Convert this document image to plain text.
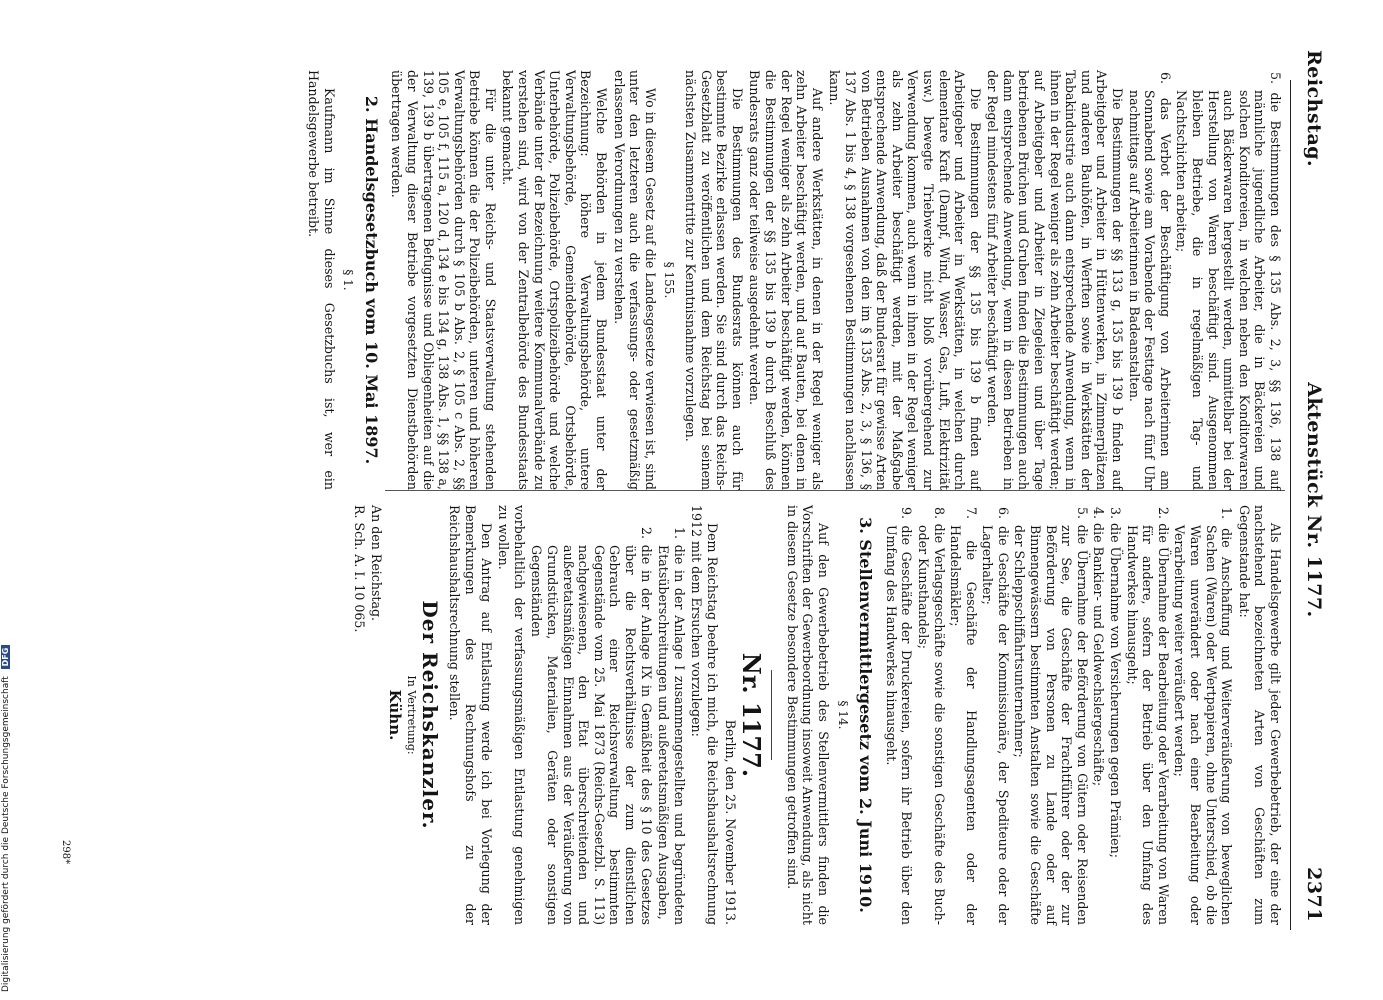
Reichstag.
Aktenstück Nr. 1177.
2371

5. die Bestimmungen des § 135 Abs. 2, 3, §§ 136, 138 auf männliche jugendliche Arbeiter, die in Bäckereien und solchen Konditoreien, in welchen neben den Konditorwaren auch Bäckerwaren hergestellt werden, unmittelbar bei der Herstellung von Waren beschäftigt sind. Ausgenommen bleiben Betriebe, die in regelmäßigen Tag- und Nachtschichten arbeiten;

6. das Verbot der Beschäftigung von Arbeiterinnen am Sonnabend sowie am Vorabende der Festtage nach fünf Uhr nachmittags auf Arbeiterinnen in Badeanstalten.

Die Bestimmungen der §§ 133 g, 135 bis 139 b finden auf Arbeitgeber und Arbeiter in Hüttenwerken, in Zimmerplätzen und anderen Bauhöfen, in Werften sowie in Werkstätten der Tabakindustrie auch dann entsprechende Anwendung, wenn in ihnen in der Regel weniger als zehn Arbeiter beschäftigt werden; auf Arbeitgeber und Arbeiter in Ziegeleien und über Tage betriebenen Brüchen und Gruben finden die Bestimmungen auch dann entsprechende Anwendung, wenn in diesen Betrieben in der Regel mindestens fünf Arbeiter beschäftigt werden.

Die Bestimmungen der §§ 135 bis 139 b finden auf Arbeitgeber und Arbeiter in Werkstätten, in welchen durch elementare Kraft (Dampf, Wind, Wasser, Gas, Luft, Elektrizität usw.) bewegte Triebwerke nicht bloß vorübergehend zur Verwendung kommen, auch wenn in ihnen in der Regel weniger als zehn Arbeiter beschäftigt werden, mit der Maßgabe entsprechende Anwendung, daß der Bundesrat für gewisse Arten von Betrieben Ausnahmen von den im § 135 Abs. 2, 3, § 136, § 137 Abs. 1 bis 4, § 138 vorgesehenen Bestimmungen nachlassen kann.

Auf andere Werkstätten, in denen in der Regel weniger als zehn Arbeiter beschäftigt werden, und auf Bauten, bei denen in der Regel weniger als zehn Arbeiter beschäftigt werden, können die Bestimmungen der §§ 135 bis 139 b durch Beschluß des Bundesrats ganz oder teilweise ausgedehnt werden.

Die Bestimmungen des Bundesrats können auch für bestimmte Bezirke erlassen werden. Sie sind durch das Reichs-Gesetzblatt zu veröffentlichen und dem Reichstag bei seinem nächsten Zusammentritte zur Kenntnisnahme vorzulegen.

§ 155.

Wo in diesem Gesetz auf die Landesgesetze verwiesen ist, sind unter den letzteren auch die verfassungs- oder gesetzmäßig erlassenen Verordnungen zu verstehen.

Welche Behörden in jedem Bundesstaat unter der Bezeichnung: höhere Verwaltungsbehörde, untere Verwaltungsbehörde, Gemeindebehörde, Ortsbehörde, Unterbehörde, Polizeibehörde, Ortspolizeibehörde und welche Verbände unter der Bezeichnung weitere Kommunalverbände zu verstehen sind, wird von der Zentralbehörde des Bundesstaats bekannt gemacht.

Für die unter Reichs- und Staatsverwaltung stehenden Betriebe können die der Polizeibehörden, unteren und höheren Verwaltungsbehörden durch § 105 b Abs. 2, § 105 c Abs. 2, §§ 105 e, 105 f, 115 a, 120 d, 134 e bis 134 g, 138 Abs. 1, §§ 138 a, 139, 139 b übertragenen Befugnisse und Obliegenheiten auf die der Verwaltung dieser Betriebe vorgesetzten Dienstbehörden übertragen werden.

2. Handelsgesetzbuch vom 10. Mai 1897.

§ 1.

Kaufmann im Sinne dieses Gesetzbuchs ist, wer ein Handelsgewerbe betreibt.

Als Handelsgewerbe gilt jeder Gewerbebetrieb, der eine der nachstehend bezeichneten Arten von Geschäften zum Gegenstande hat:

1. die Anschaffung und Weiterveräußerung von beweglichen Sachen (Waren) oder Wertpapieren, ohne Unterschied, ob die Waren unverändert oder nach einer Bearbeitung oder Verarbeitung weiter veräußert werden;

2. die Übernahme der Bearbeitung oder Verarbeitung von Waren für andere, sofern der Betrieb über den Umfang des Handwerkes hinausgeht;

3. die Übernahme von Versicherungen gegen Prämien;

4. die Bankier- und Geldwechslergeschäfte;

5. die Übernahme der Beförderung von Gütern oder Reisenden zur See, die Geschäfte der Frachtführer oder der zur Beförderung von Personen zu Lande oder auf Binnengewässern bestimmten Anstalten sowie die Geschäfte der Schleppschiffahrtsunternehmer;

6. die Geschäfte der Kommissionäre, der Spediteure oder der Lagerhalter;

7. die Geschäfte der Handlungsagenten oder der Handelsmäkler;

8. die Verlagsgeschäfte sowie die sonstigen Geschäfte des Buch- oder Kunsthandels;

9. die Geschäfte der Druckereien, sofern ihr Betrieb über den Umfang des Handwerkes hinausgeht.

3. Stellenvermittlergesetz vom 2. Juni 1910.

§ 14.

Auf den Gewerbebetrieb des Stellenvermittlers finden die Vorschriften der Gewerbeordnung insoweit Anwendung, als nicht in diesem Gesetze besondere Bestimmungen getroffen sind.

Nr. 1177.

Berlin, den 25. November 1913.

Dem Reichstag beehre ich mich, die Reichshaushaltsrechnung 1912 mit dem Ersuchen vorzulegen:

1. die in der Anlage I zusammengestellten und begründeten Etatsüberschreitungen und außeretatsmäßigen Ausgaben,

2. die in der Anlage IX in Gemäßheit des § 10 des Gesetzes über die Rechtsverhältnisse der zum dienstlichen Gebrauch einer Reichsverwaltung bestimmten Gegenstände vom 25. Mai 1873 (Reichs-Gesetzbl. S. 113) nachgewiesenen, den Etat überschreitenden und außeretatsmäßigen Einnahmen aus der Veräußerung von Grundstücken, Materialien, Geräten oder sonstigen Gegenständen

vorbehaltlich der verfassungsmäßigen Entlastung genehmigen zu wollen.

Den Antrag auf Entlastung werde ich bei Vorlegung der Bemerkungen des Rechnungshofs zu der Reichshaushaltsrechnung stellen.

Der Reichskanzler.

In Vertretung:

Kühn.

An den Reichstag.

R. Sch. A. I. 10 065.

298*
Digitalisierung gefördert durch die Deutsche Forschungsgemeinschaft DFG
